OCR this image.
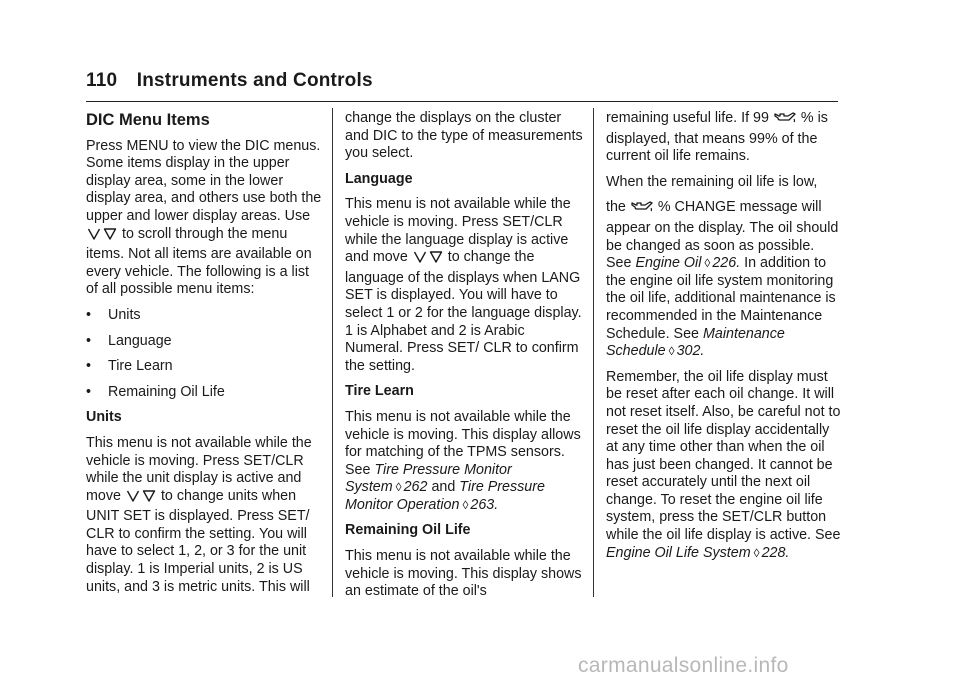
110 Instruments and Controls
DIC Menu Items

Press MENU to view the DIC menus. Some items display in the upper display area, some in the lower display area, and others use both the upper and lower display areas. Use  to scroll through the menu items. Not all items are available on every vehicle. The following is a list of all possible menu items:

• Units
• Language
• Tire Learn
• Remaining Oil Life
Units

This menu is not available while the vehicle is moving. Press SET/CLR while the unit display is active and move	to change units when UNIT SET is displayed. Press SET/ CLR to confirm the setting. You will have to select 1, 2, or 3 for the unit display. 1 is Imperial units, 2 is US units, and 3 is metric units. This will

change the displays on the cluster and DIC to the type of measurements you select.

Language

This menu is not available while the vehicle is moving. Press SET/CLR while the language display is active and move	to change the language of the displays when LANG SET is displayed. You will have to select 1 or 2 for the language display. 1 is Alphabet and 2 is Arabic Numeral. Press SET/ CLR to confirm the setting.

Tire Learn

This menu is not available while the vehicle is moving. This display allows for matching of the TPMS sensors. See Tire Pressure Monitor System ◊ 262 and Tire Pressure Monitor Operation ◊ 263.

Remaining Oil Life

This menu is not available while the vehicle is moving. This display shows an estimate of the oil's

remaining useful life. If 99 % is displayed, that means 99% of the current oil life remains.

When the remaining oil life is low,

the % CHANGE message will appear on the display. The oil should be changed as soon as possible. See Engine Oil ◊ 226. In addition to the engine oil life system monitoring the oil life, additional maintenance is recommended in the Maintenance Schedule. See Maintenance Schedule ◊ 302.

Remember, the oil life display must be reset after each oil change. It will not reset itself. Also, be careful not to reset the oil life display accidentally at any time other than when the oil has just been changed. It cannot be reset accurately until the next oil change. To reset the engine oil life system, press the SET/CLR button while the oil life display is active. See Engine Oil Life System ◊ 228.

carmanualsonline.info
